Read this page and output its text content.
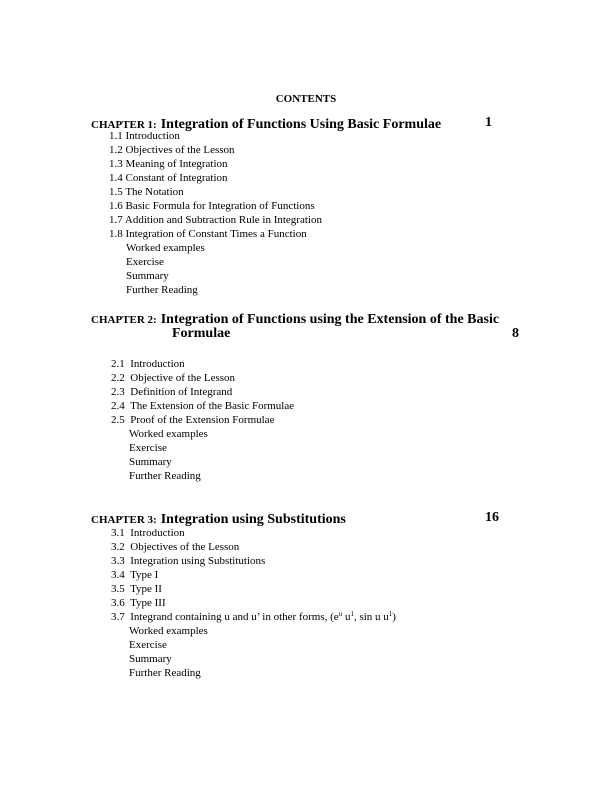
CONTENTS
CHAPTER 1: Integration of Functions Using Basic Formulae	1
1.1 Introduction
1.2 Objectives of the Lesson
1.3 Meaning of Integration
1.4 Constant of Integration
1.5 The Notation
1.6 Basic Formula for Integration of Functions
1.7 Addition and Subtraction Rule in Integration
1.8 Integration of Constant Times a Function
Worked examples
Exercise
Summary
Further Reading
CHAPTER 2: Integration of Functions using the Extension of the Basic
Formulae	8
2.1 Introduction
2.2 Objective of the Lesson
2.3 Definition of Integrand
2.4 The Extension of the Basic Formulae
2.5 Proof of the Extension Formulae
Worked examples
Exercise
Summary
Further Reading
CHAPTER 3: Integration using Substitutions	16
3.1 Introduction
3.2 Objectives of the Lesson
3.3 Integration using Substitutions
3.4 Type I
3.5 Type II
3.6 Type III
3.7 Integrand containing u and u’ in other forms, ($e^u$ $u^1$, sin u $u^1$)
Worked examples
Exercise
Summary
Further Reading
